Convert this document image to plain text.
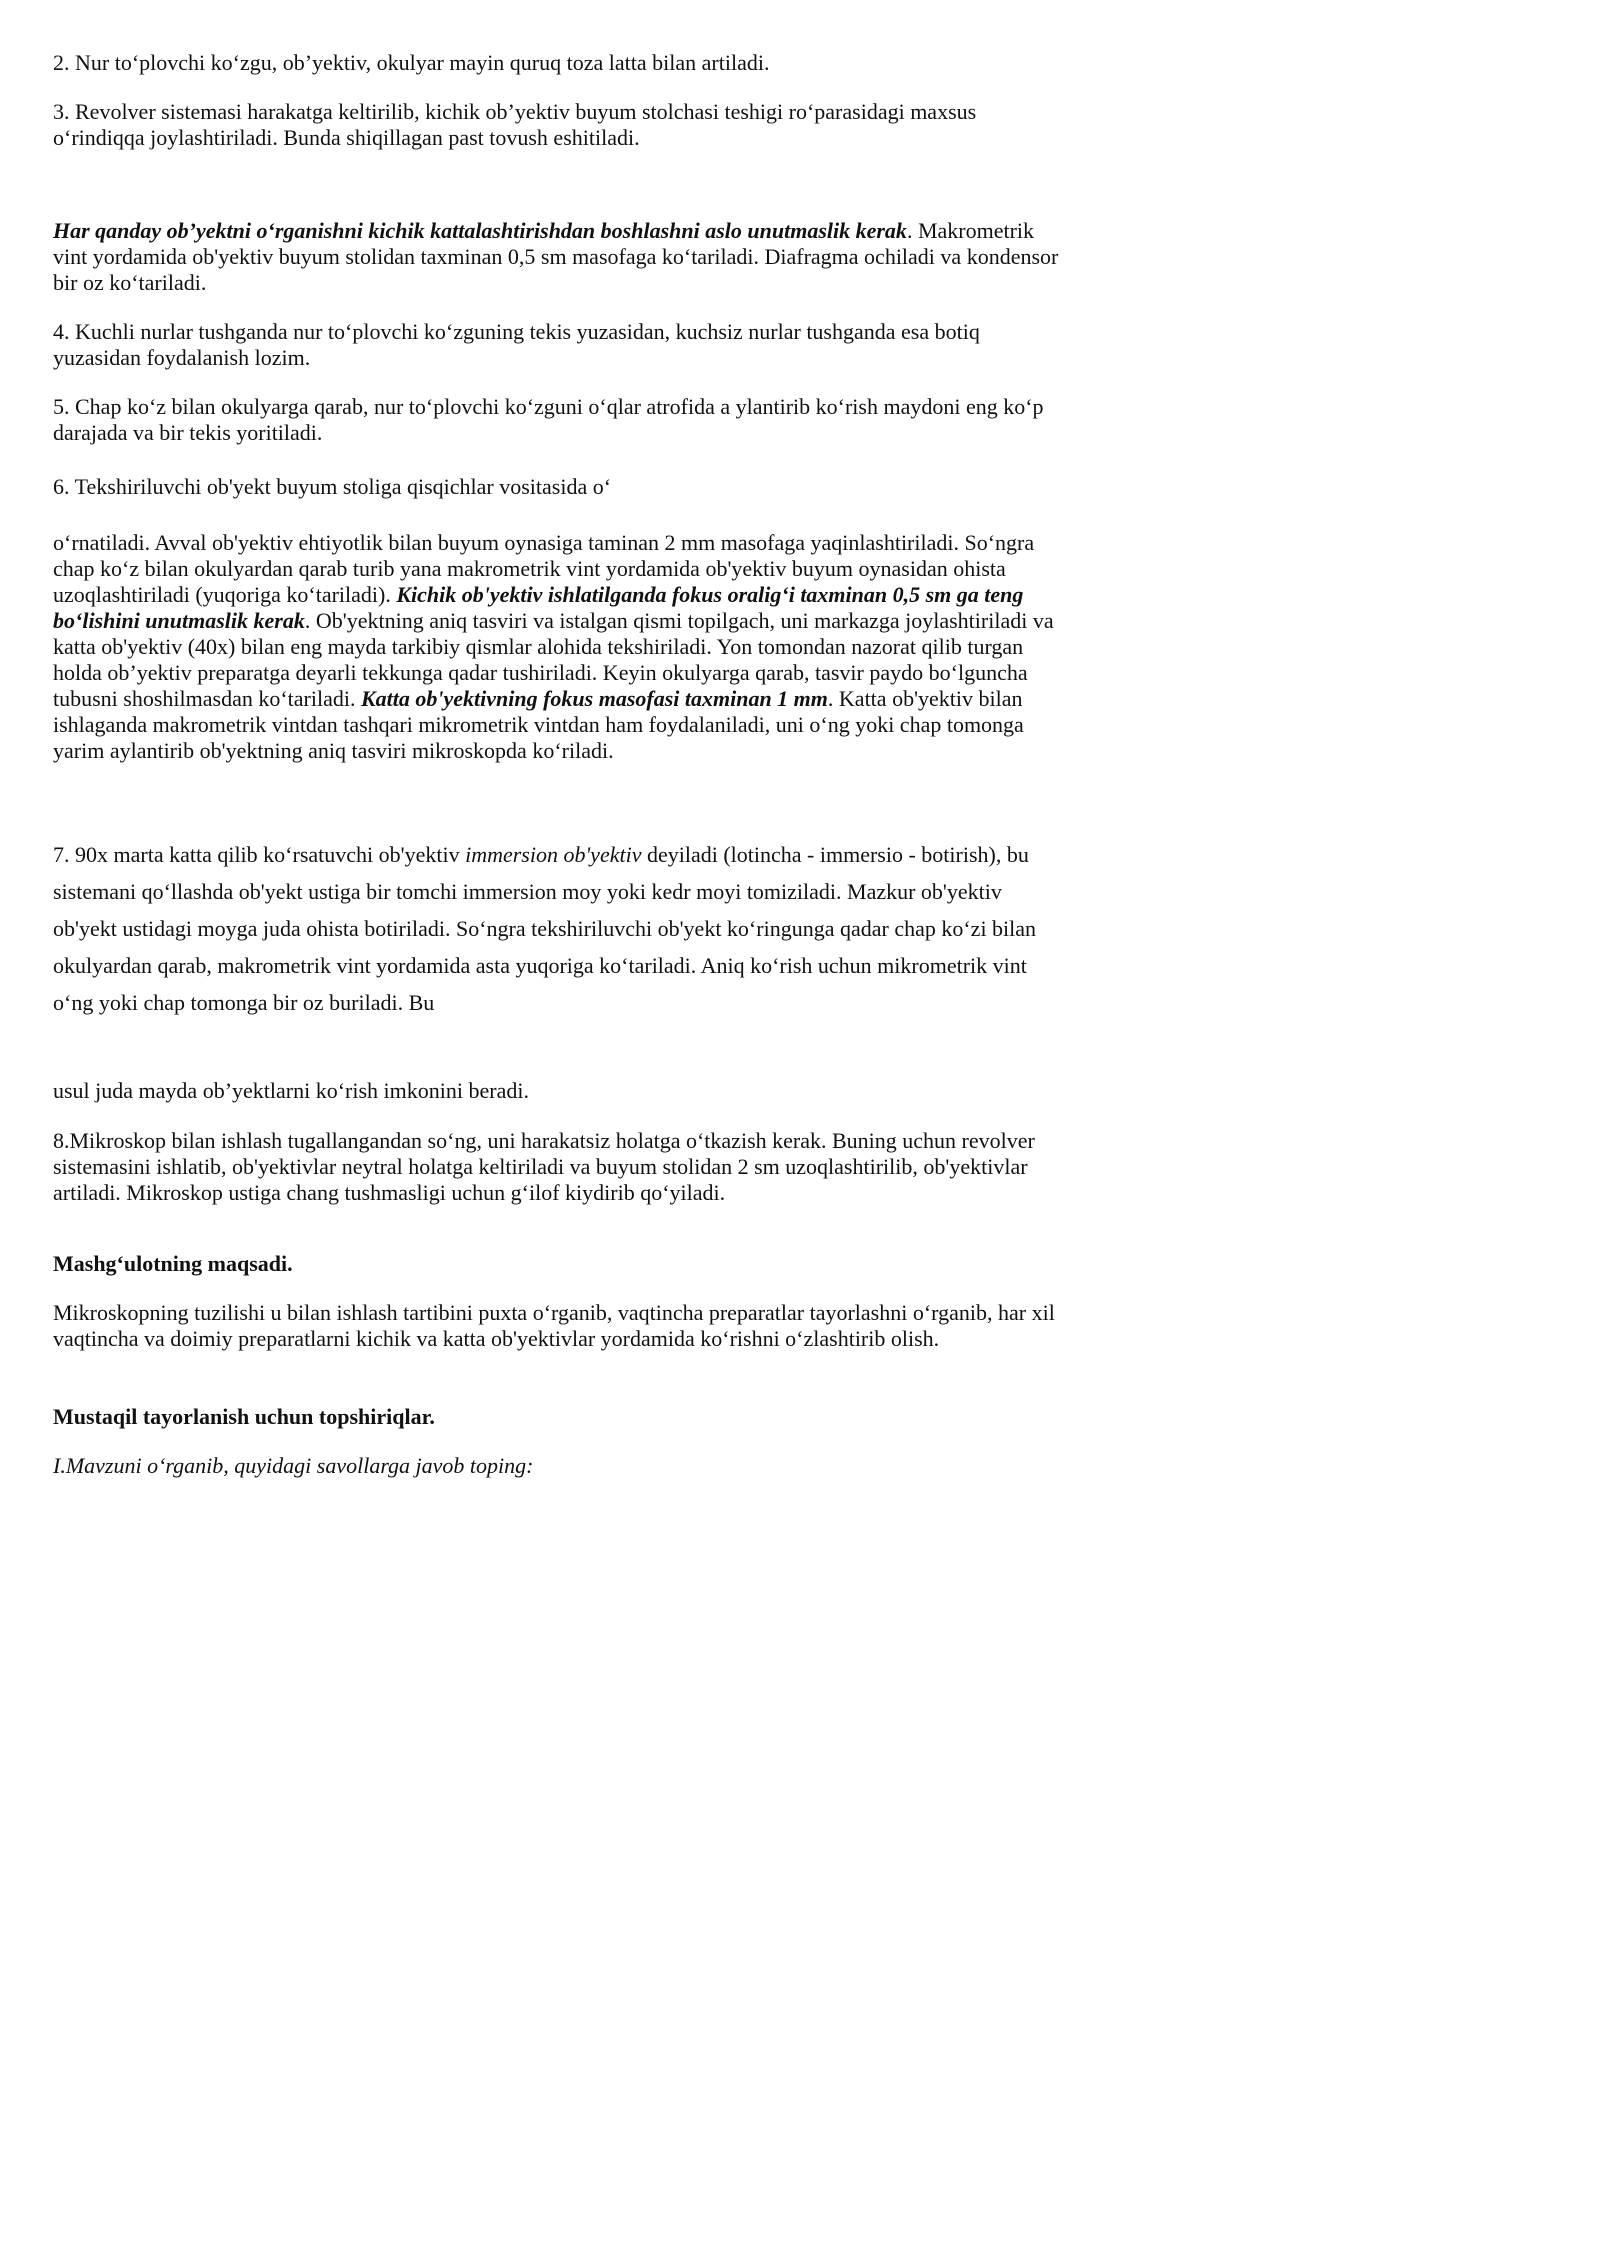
2. Nur to‘plovchi ko‘zgu, ob’yektiv, okulyar mayin quruq toza latta bilan artiladi.

3. Revolver sistemasi harakatga keltirilib, kichik ob’yektiv buyum stolchasi teshigi ro‘parasidagi maxsus o‘rindiqqa joylashtiriladi. Bunda shiqillagan past tovush eshitiladi.

Har qanday ob’yektni o‘rganishni kichik kattalashtirishdan boshlashni aslo unutmaslik kerak. Makrometrik vint yordamida ob'yektiv buyum stolidan taxminan 0,5 sm masofaga ko‘tariladi. Diafragma ochiladi va kondensor bir oz ko‘tariladi.

4. Kuchli nurlar tushganda nur to‘plovchi ko‘zguning tekis yuzasidan, kuchsiz nurlar tushganda esa botiq yuzasidan foydalanish lozim.

5. Chap ko‘z bilan okulyarga qarab, nur to‘plovchi ko‘zguni o‘qlar atrofida a ylantirib ko‘rish maydoni eng ko‘p darajada va bir tekis yoritiladi.

6. Tekshiriluvchi ob'yekt buyum stoliga qisqichlar vositasida o‘

o‘rnatiladi. Avval ob'yektiv ehtiyotlik bilan buyum oynasiga taminan 2 mm masofaga yaqinlashtiriladi. So‘ngra chap ko‘z bilan okulyardan qarab turib yana makrometrik vint yordamida ob'yektiv buyum oynasidan ohista uzoqlashtiriladi (yuqoriga ko‘tariladi). Kichik ob'yektiv ishlatilganda fokus oralig‘i taxminan 0,5 sm ga teng bo‘lishini unutmaslik kerak. Ob'yektning aniq tasviri va istalgan qismi topilgach, uni markazga joylashtiriladi va katta ob'yektiv (40x) bilan eng mayda tarkibiy qismlar alohida tekshiriladi. Yon tomondan nazorat qilib turgan holda ob’yektiv preparatga deyarli tekkunga qadar tushiriladi. Keyin okulyarga qarab, tasvir paydo bo‘lguncha tubusni shoshilmasdan ko‘tariladi. Katta ob'yektivning fokus masofasi taxminan 1 mm. Katta ob'yektiv bilan ishlaganda makrometrik vintdan tashqari mikrometrik vintdan ham foydalaniladi, uni o‘ng yoki chap tomonga yarim aylantirib ob'yektning aniq tasviri mikroskopda ko‘riladi.

7. 90x marta katta qilib ko‘rsatuvchi ob'yektiv immersion ob'yektiv deyiladi (lotincha - immersio - botirish), bu sistemani qo‘llashda ob'yekt ustiga bir tomchi immersion moy yoki kedr moyi tomiziladi. Mazkur ob'yektiv ob'yekt ustidagi moyga juda ohista botiriladi. So‘ngra tekshiriluvchi ob'yekt ko‘ringunga qadar chap ko‘zi bilan okulyardan qarab, makrometrik vint yordamida asta yuqoriga ko‘tariladi. Aniq ko‘rish uchun mikrometrik vint o‘ng yoki chap tomonga bir oz buriladi. Bu

usul juda mayda ob’yektlarni ko‘rish imkonini beradi.

8.Mikroskop bilan ishlash tugallangandan so‘ng, uni harakatsiz holatga o‘tkazish kerak. Buning uchun revolver sistemasini ishlatib, ob'yektivlar neytral holatga keltiriladi va buyum stolidan 2 sm uzoqlashtirilib, ob'yektivlar artiladi. Mikroskop ustiga chang tushmasligi uchun g‘ilof kiydirib qo‘yiladi.

Mashg‘ulotning maqsadi.

Mikroskopning tuzilishi u bilan ishlash tartibini puxta o‘rganib, vaqtincha preparatlar tayorlashni o‘rganib, har xil vaqtincha va doimiy preparatlarni kichik va katta ob'yektivlar yordamida ko‘rishni o‘zlashtirib olish.

Mustaqil tayorlanish uchun topshiriqlar.

I.Mavzuni o‘rganib, quyidagi savollarga javob toping:
